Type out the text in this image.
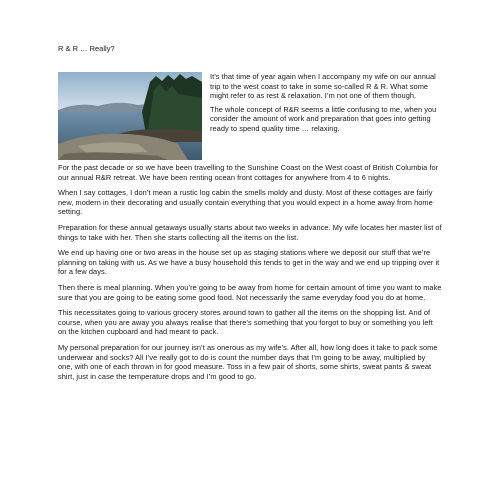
R & R … Really?

It’s that time of year again when I accompany my wife on our annual trip to the west coast to take in some so-called R & R. What some might refer to as rest & relaxation. I’m not one of them though.

The whole concept of R&R seems a little confusing to me, when you consider the amount of work and preparation that goes into getting ready to spend quality time … relaxing.

For the past decade or so we have been travelling to the Sunshine Coast on the West coast of British Columbia for our annual R&R retreat. We have been renting ocean front cottages for anywhere from 4 to 6 nights.

When I say cottages, I don’t mean a rustic log cabin the smells moldy and dusty. Most of these cottages are fairly new, modern in their decorating and usually contain everything that you would expect in a home away from home setting.

Preparation for these annual getaways usually starts about two weeks in advance. My wife locates her master list of things to take with her. Then she starts collecting all the items on the list.

We end up having one or two areas in the house set up as staging stations where we deposit our stuff that we’re planning on taking with us. As we have a busy household this tends to get in the way and we end up tripping over it for a few days.

Then there is meal planning. When you’re going to be away from home for certain amount of time you want to make sure that you are going to be eating some good food. Not necessarily the same everyday food you do at home.

This necessitates going to various grocery stores around town to gather all the items on the shopping list. And of course, when you are away you always realise that there’s something that you forgot to buy or something you left on the kitchen cupboard and had meant to pack.

My personal preparation for our journey isn’t as onerous as my wife’s. After all, how long does it take to pack some underwear and socks? All I’ve really got to do is count the number days that I’m going to be away, multiplied by one, with one of each thrown in for good measure. Toss in a few pair of shorts, some shirts, sweat pants & sweat shirt, just in case the temperature drops and I’m good to go.
